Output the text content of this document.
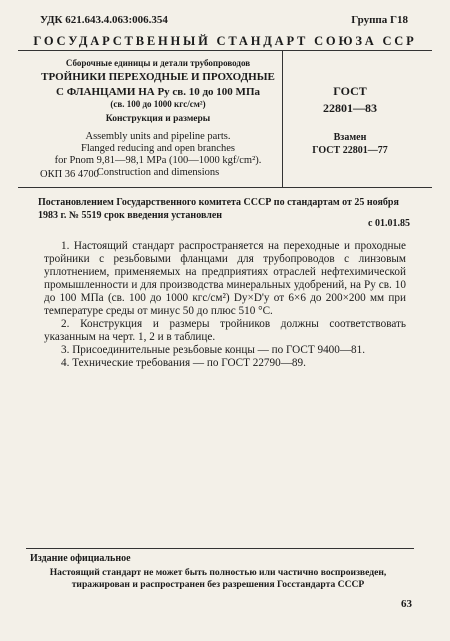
УДК 621.643.4.063:006.354	Группа Г18
ГОСУДАРСТВЕННЫЙ СТАНДАРТ СОЮЗА ССР
Сборочные единицы и детали трубопроводов
ТРОЙНИКИ ПЕРЕХОДНЫЕ И ПРОХОДНЫЕ
С ФЛАНЦАМИ НА Pу св. 10 до 100 МПа
(св. 100 до 1000 кгс/см²)
Конструкция и размеры
Assembly units and pipeline parts.
Flanged reducing and open branches
for Pnom 9,81—98,1 MPa (100—1000 kgf/cm²).
Construction and dimensions
ГОСТ
22801—83
Взамен
ГОСТ 22801—77
ОКП 36 4700
Постановлением Государственного комитета СССР по стандартам от 25 ноября 1983 г. № 5519 срок введения установлен
с 01.01.85

1. Настоящий стандарт распространяется на переходные и проходные тройники с резьбовыми фланцами для трубопроводов с линзовым уплотнением, применяемых на предприятиях отраслей нефтехимической промышленности и для производства минеральных удобрений, на Pу св. 10 до 100 МПа (св. 100 до 1000 кгс/см²) Dу×D'у от 6×6 до 200×200 мм при температуре среды от минус 50 до плюс 510 °С.

2. Конструкция и размеры тройников должны соответствовать указанным на черт. 1, 2 и в таблице.

3. Присоединительные резьбовые концы — по ГОСТ 9400—81.

4. Технические требования — по ГОСТ 22790—89.

Издание официальное
Настоящий стандарт не может быть полностью или частично воспроизведен, тиражирован и распространен без разрешения Госстандарта СССР
63
